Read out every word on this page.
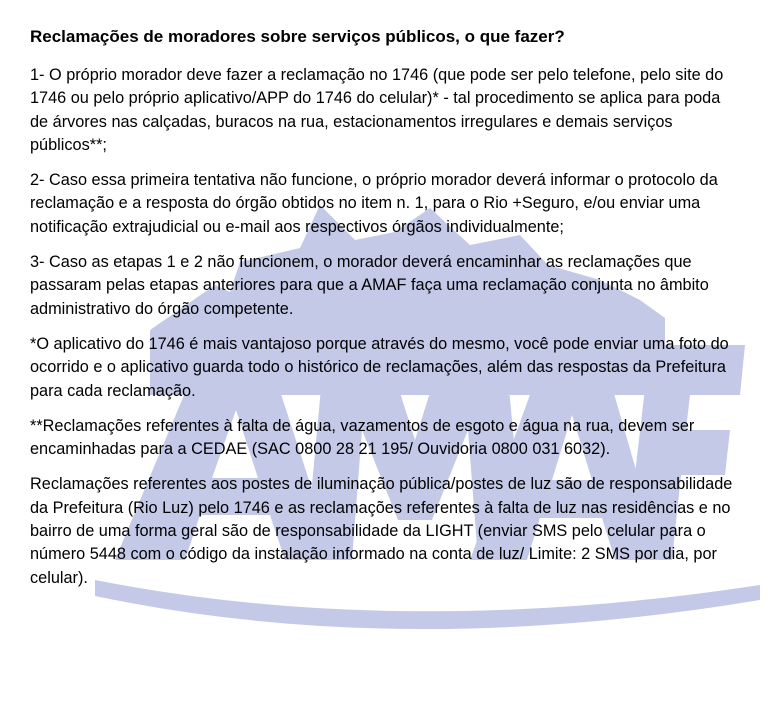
Reclamações de moradores sobre serviços públicos, o que fazer?

1- O próprio morador deve fazer a reclamação no 1746 (que pode ser pelo telefone, pelo site do 1746 ou pelo próprio aplicativo/APP do 1746 do celular)* - tal procedimento se aplica para poda de árvores nas calçadas, buracos na rua, estacionamentos irregulares e demais serviços públicos**;

2- Caso essa primeira tentativa não funcione, o próprio morador deverá informar o protocolo da reclamação e a resposta do órgão obtidos no item n. 1, para o Rio +Seguro, e/ou enviar uma notificação extrajudicial ou e-mail aos respectivos órgãos individualmente;

3- Caso as etapas 1 e 2 não funcionem, o morador deverá encaminhar as reclamações que passaram pelas etapas anteriores para que a AMAF faça uma reclamação conjunta no âmbito administrativo do órgão competente.

*O aplicativo do 1746 é mais vantajoso porque através do mesmo, você pode enviar uma foto do ocorrido e o aplicativo guarda todo o histórico de reclamações, além das respostas da Prefeitura para cada reclamação.

**Reclamações referentes à falta de água, vazamentos de esgoto e água na rua, devem ser encaminhadas para a CEDAE (SAC 0800 28 21 195/ Ouvidoria 0800 031 6032).

Reclamações referentes aos postes de iluminação pública/postes de luz são de responsabilidade da Prefeitura (Rio Luz) pelo 1746 e as reclamações referentes à falta de luz nas residências e no bairro de uma forma geral são de responsabilidade da LIGHT (enviar SMS pelo celular para o número 5448 com o código da instalação informado na conta de luz/ Limite: 2 SMS por dia, por celular).
